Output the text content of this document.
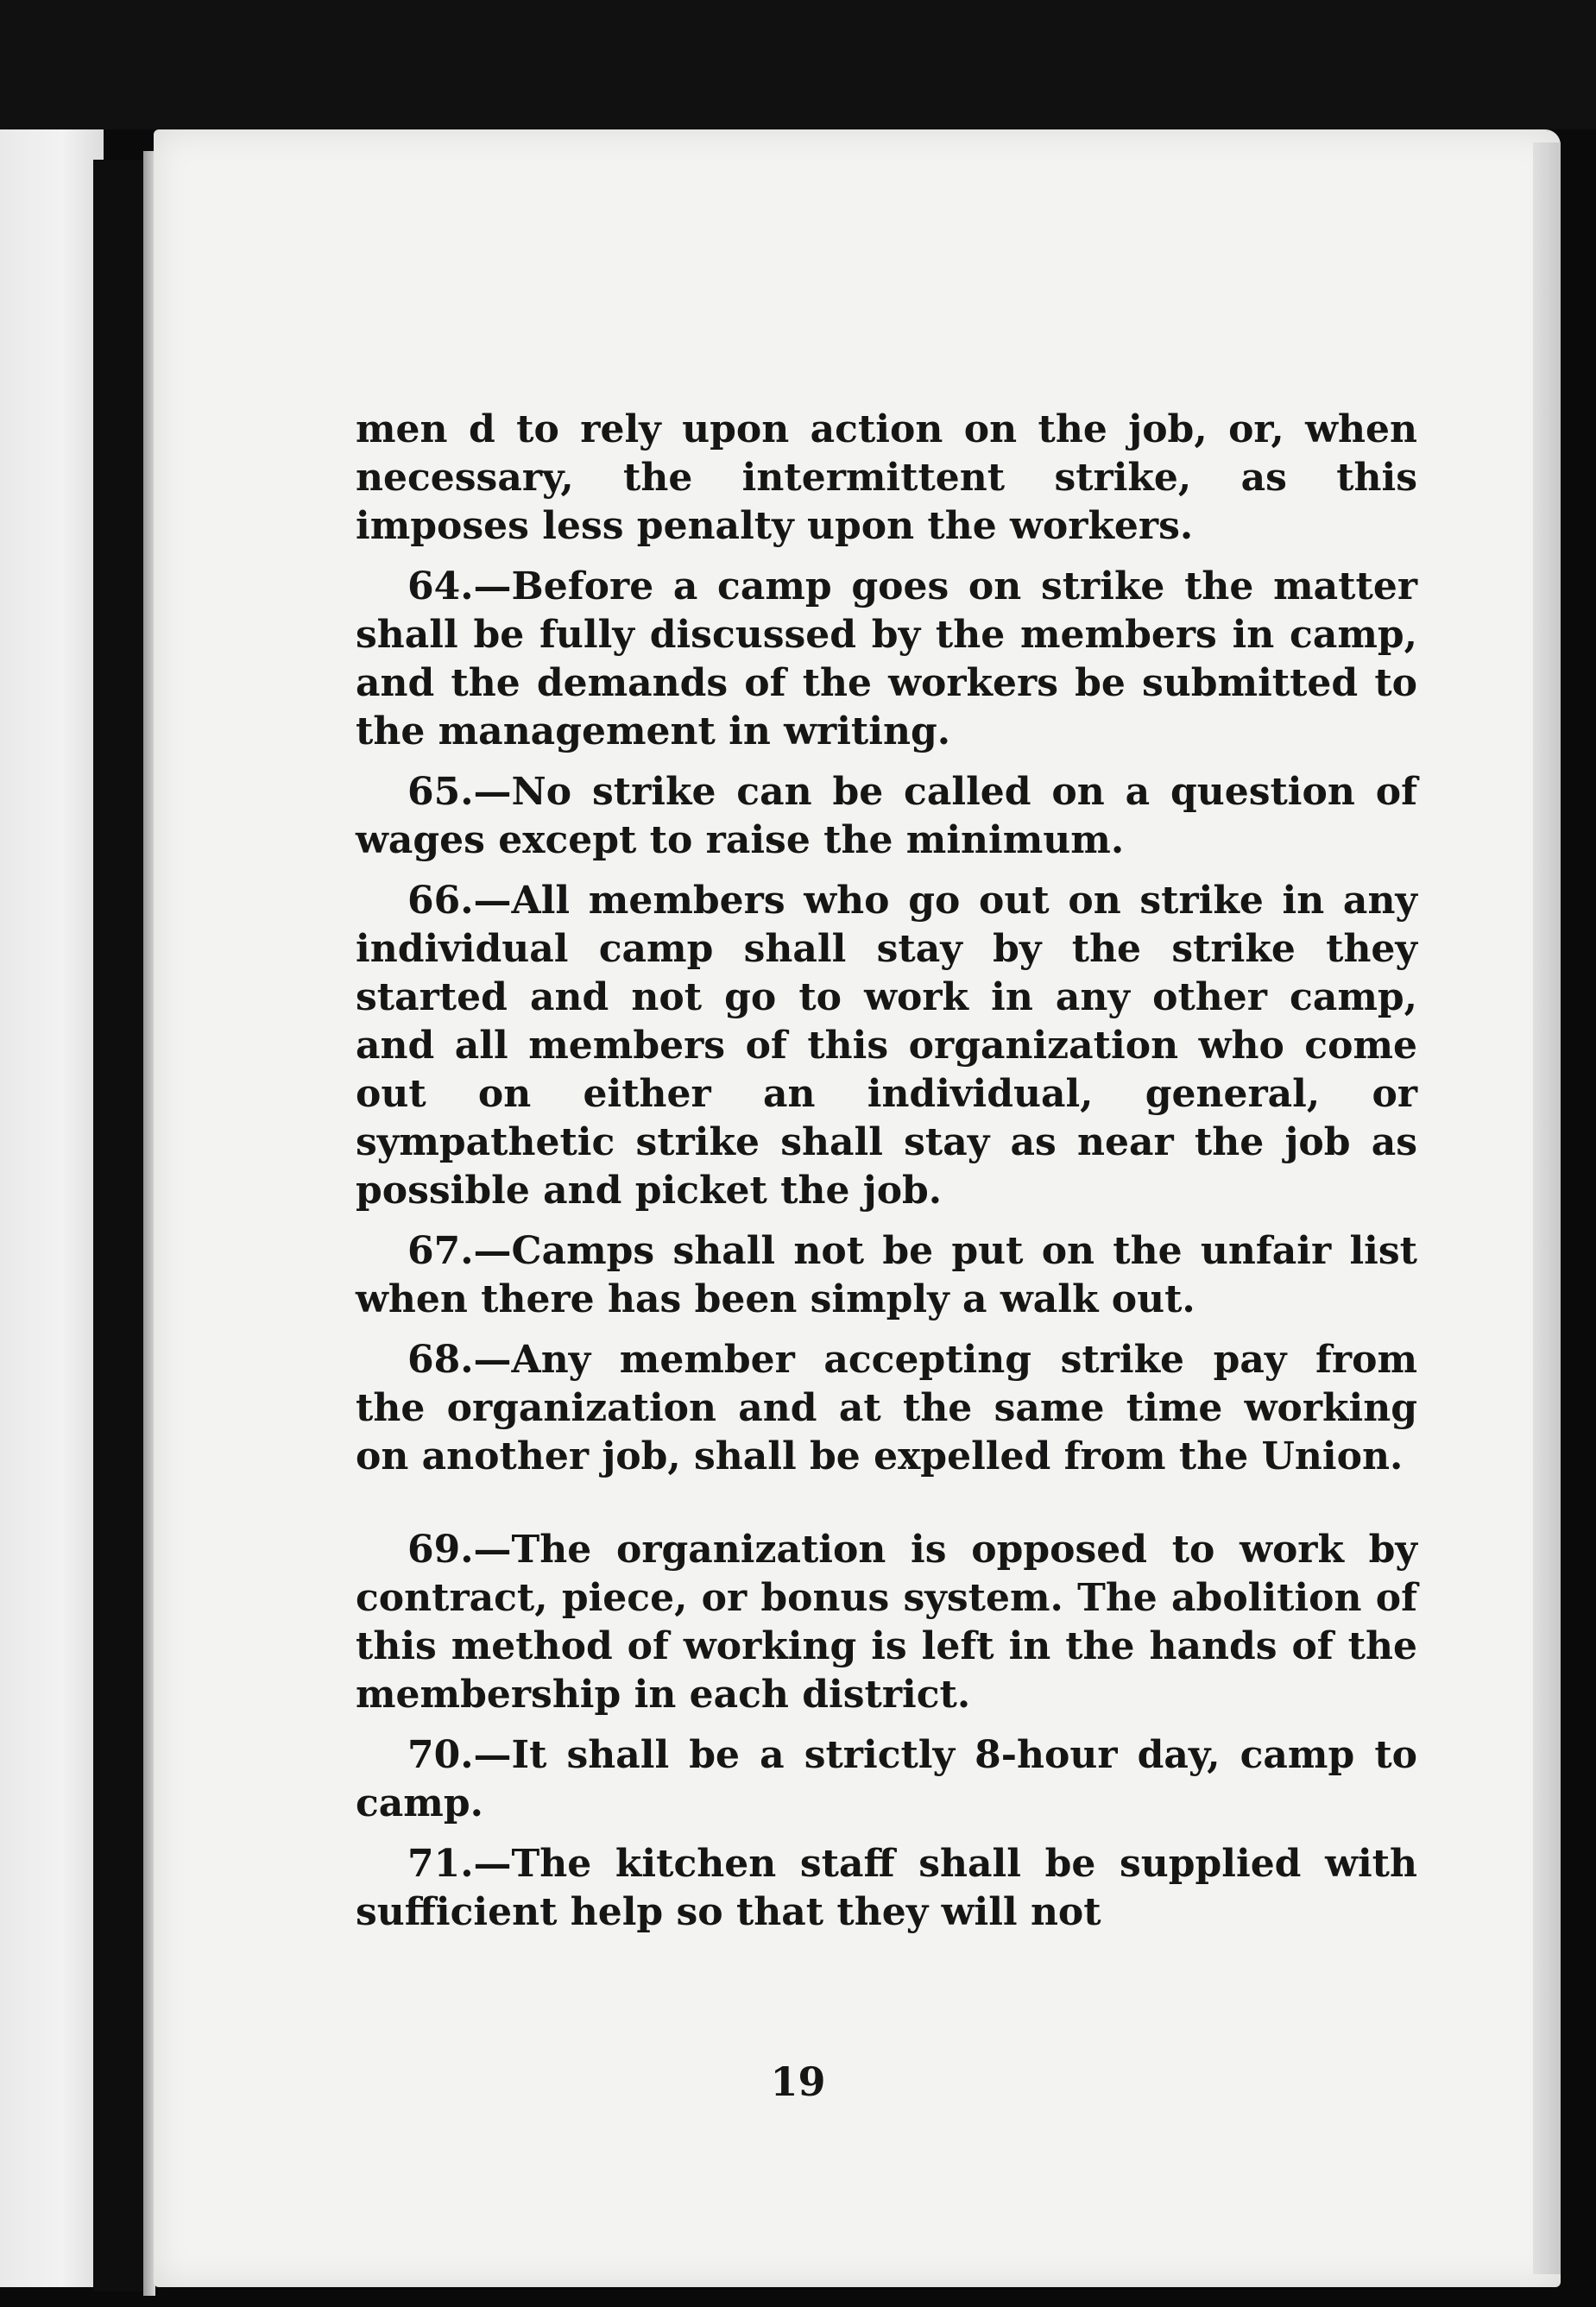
men d to rely upon action on the job, or, when necessary, the intermittent strike, as this imposes less penalty upon the workers.

64.—Before a camp goes on strike the matter shall be fully discussed by the members in camp, and the demands of the workers be submitted to the management in writing.

65.—No strike can be called on a question of wages except to raise the minimum.

66.—All members who go out on strike in any individual camp shall stay by the strike they started and not go to work in any other camp, and all members of this organization who come out on either an individual, general, or sympathetic strike shall stay as near the job as possible and picket the job.

67.—Camps shall not be put on the unfair list when there has been simply a walk out.

68.—Any member accepting strike pay from the organization and at the same time working on another job, shall be expelled from the Union.

69.—The organization is opposed to work by contract, piece, or bonus system. The abolition of this method of working is left in the hands of the membership in each district.

70.—It shall be a strictly 8-hour day, camp to camp.

71.—The kitchen staff shall be supplied with sufficient help so that they will not

19
